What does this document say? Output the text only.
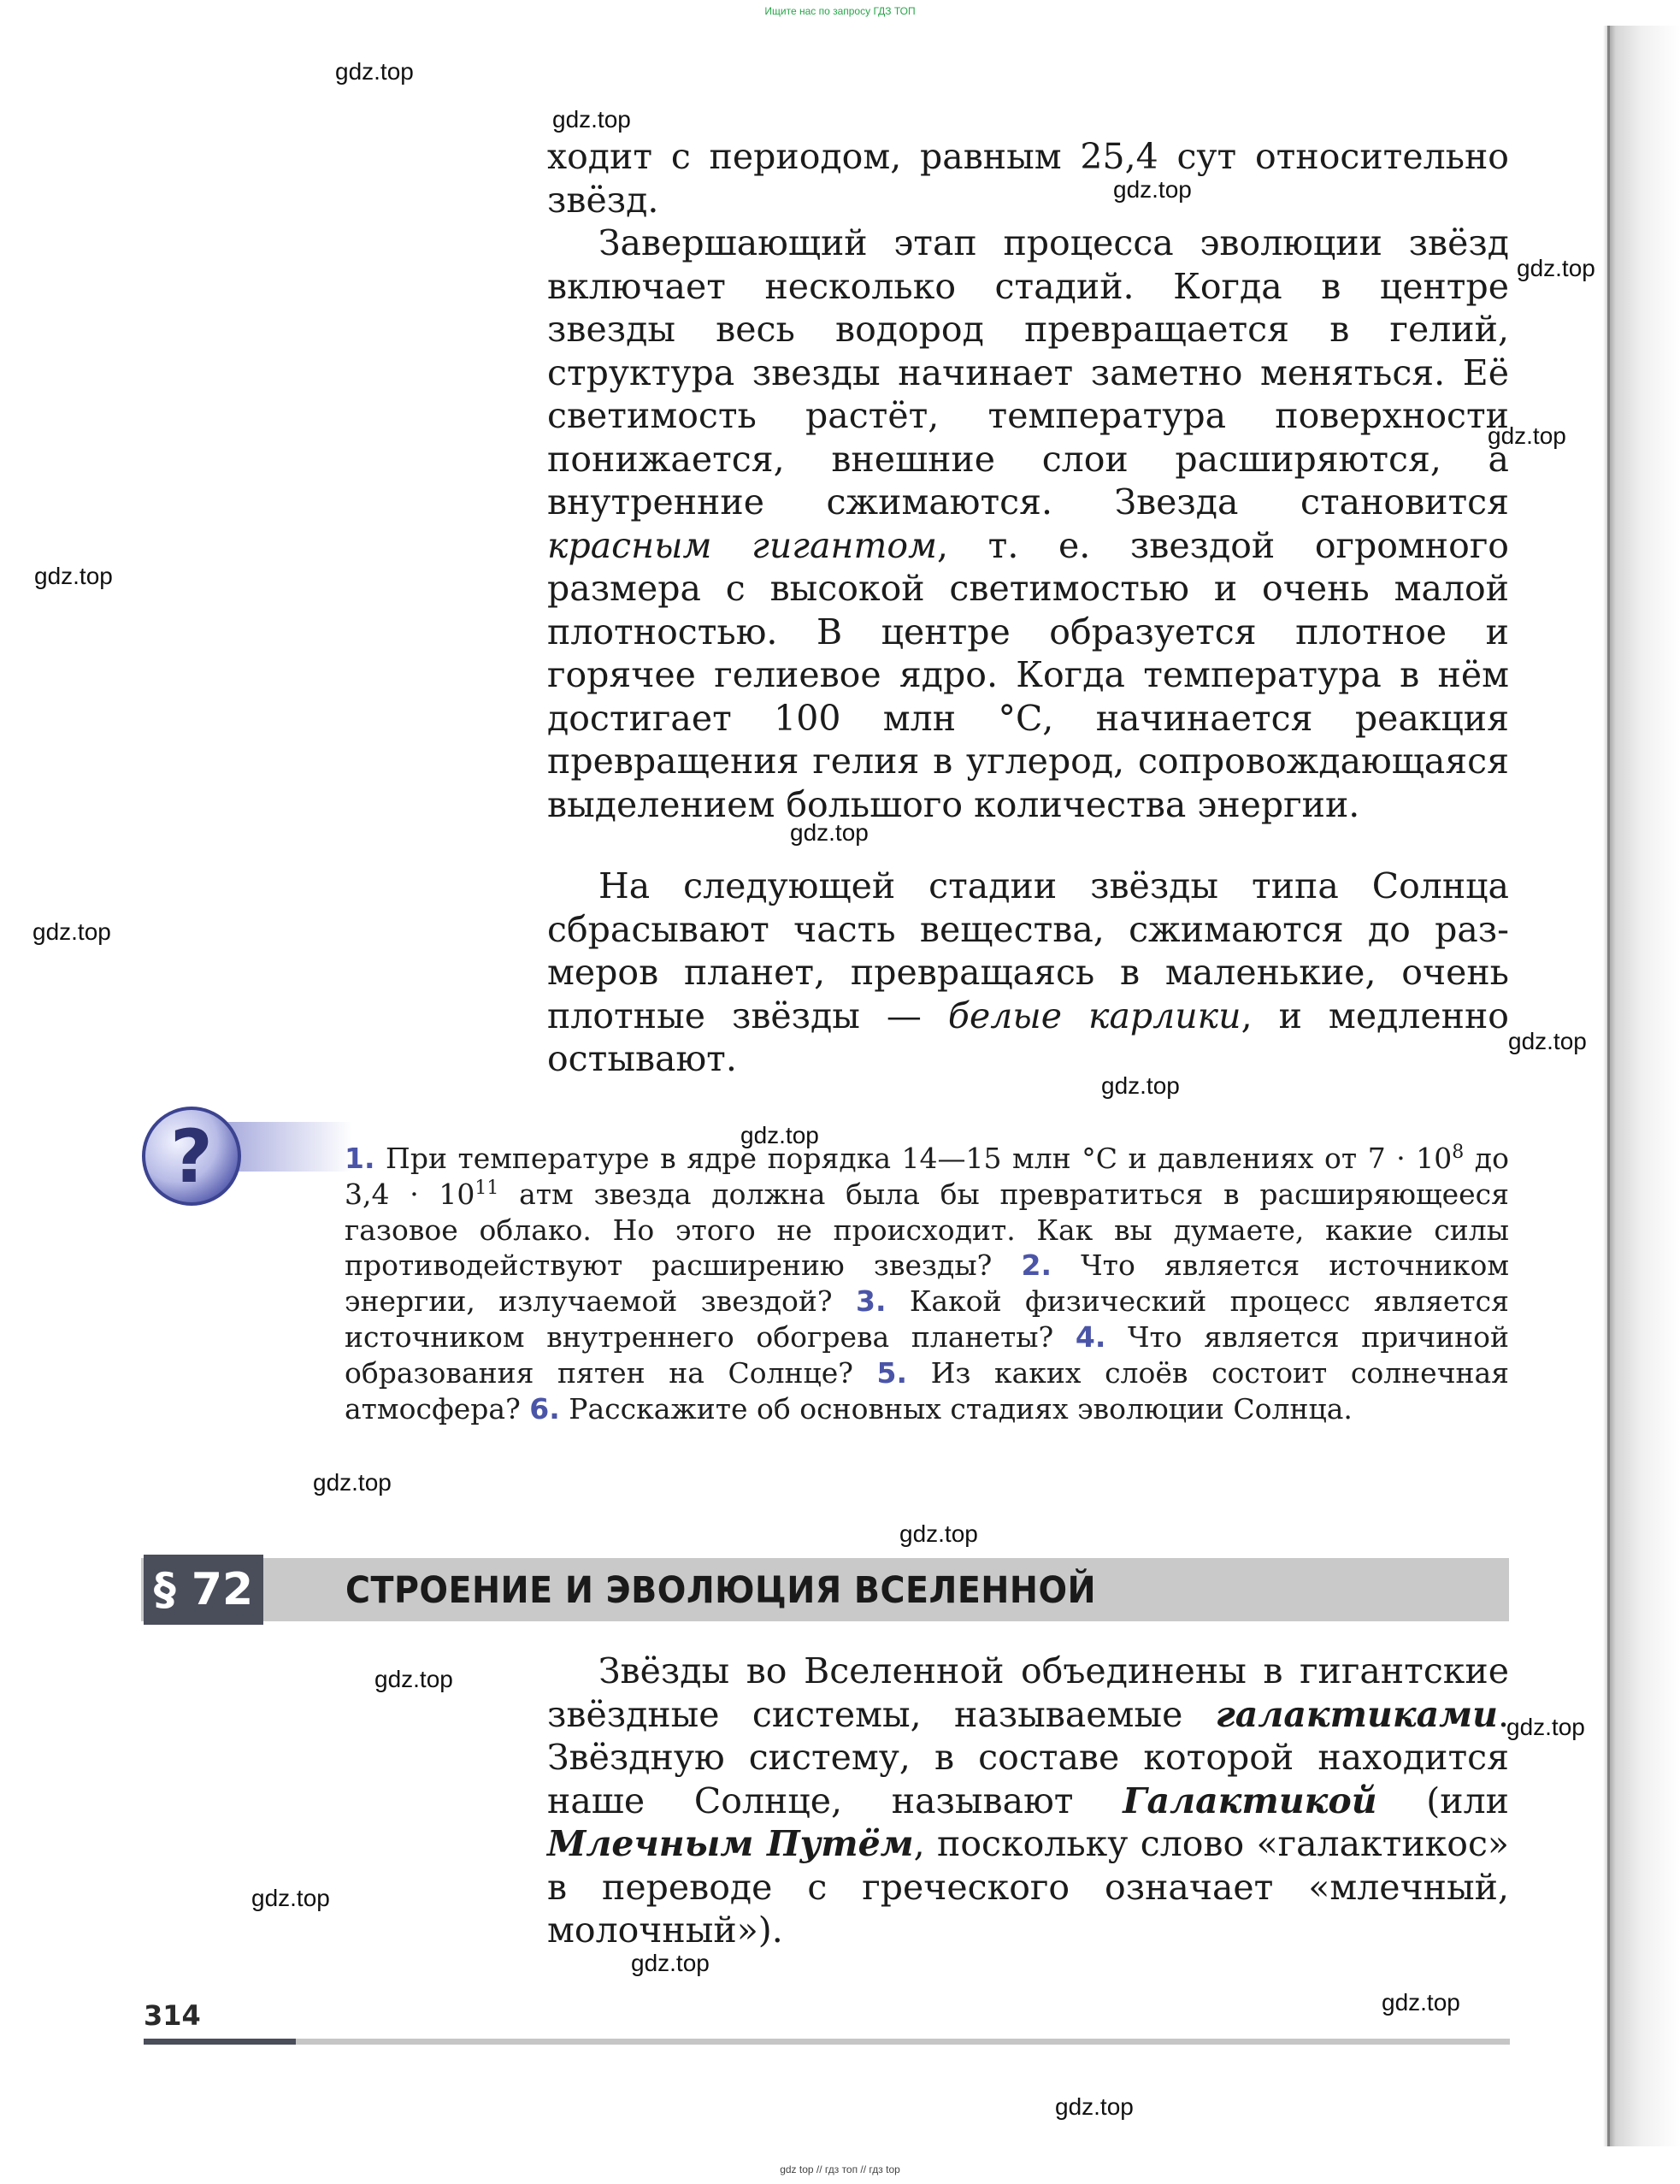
Ищите нас по запросу ГДЗ ТОП
ходит с периодом, равным 25,4 сут относительно звёзд.
Завершающий этап процесса эволюции звёзд включает несколько стадий. Когда в центре звезды весь водород превращается в гелий, структура звезды начинает заметно меняться. Её светимость растёт, температура поверхности понижается, внешние слои расширяются, а внутренние сжимаются. Звезда становится красным гигантом, т. е. звездой огромного размера с высокой светимостью и очень малой плотностью. В центре образуется плотное и горячее гелиевое ядро. Когда температура в нём достигает 100 млн °С, начинается реакция превращения гелия в углерод, сопровождающаяся выделением большого количества энергии.
На следующей стадии звёзды типа Солнца сбрасывают часть вещества, сжимаются до размеров планет, превращаясь в маленькие, очень плотные звёзды — белые карлики, и медленно остывают.
?	1. При температуре в ядре порядка 14—15 млн °С и давлениях от $7 \cdot 10^8$ до $3,4 \cdot 10^{11}$ атм звезда должна была бы превратиться в расширяющееся газовое облако. Но этого не происходит. Как вы думаете, какие силы противодействуют расширению звезды? 2. Что является источником энергии, излучаемой звездой? 3. Какой физический процесс является источником внутреннего обогрева планеты? 4. Что является причиной образования пятен на Солнце? 5. Из каких слоёв состоит солнечная атмосфера? 6. Расскажите об основных стадиях эволюции Солнца.
§ 72	СТРОЕНИЕ И ЭВОЛЮЦИЯ ВСЕЛЕННОЙ
Звёзды во Вселенной объединены в гигантские звёздные системы, называемые галактиками. Звёздную систему, в составе которой находится наше Солнце, называют Галактикой (или Млечным Путём, поскольку слово «галактикос» в переводе с греческого означает «млечный, молочный»).
314
gdz top // гдз топ // гдз top
gdz.top
gdz.top
gdz.top
gdz.top
gdz.top
gdz.top
gdz.top
gdz.top
gdz.top
gdz.top
gdz.top
gdz.top
gdz.top
gdz.top
gdz.top
gdz.top
gdz.top
gdz.top
gdz.top
